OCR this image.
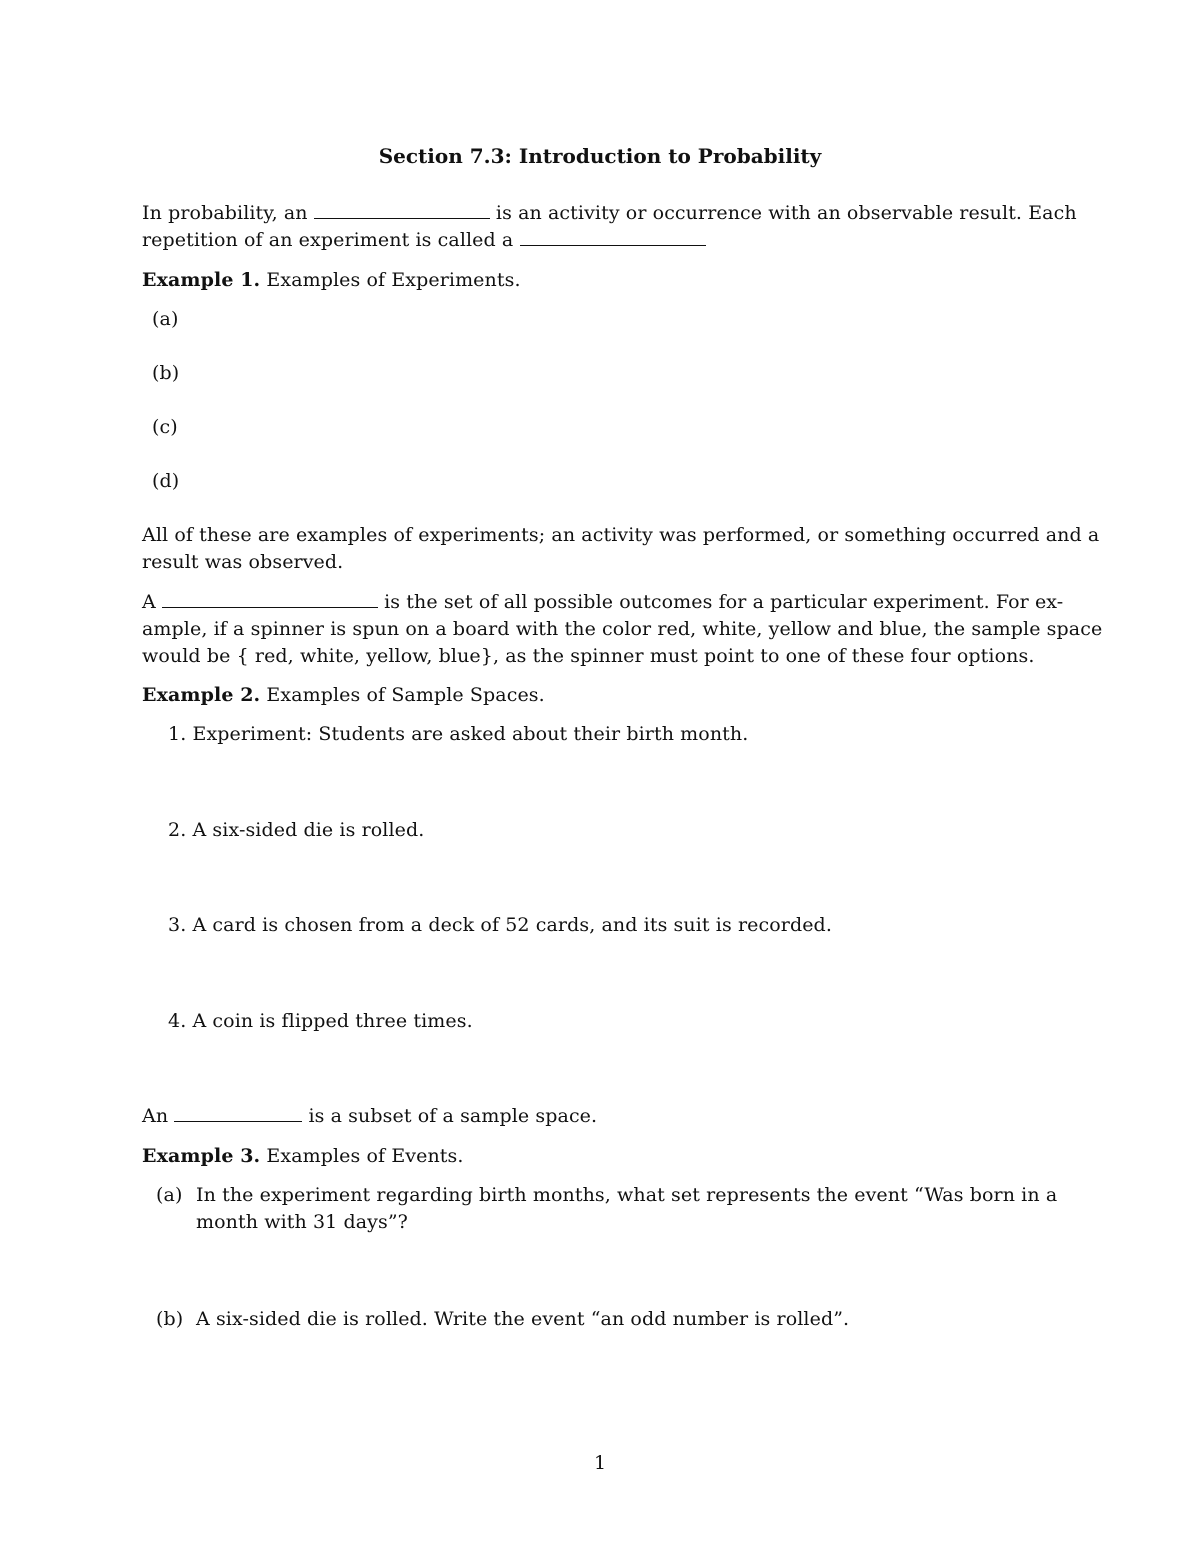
Section 7.3: Introduction to Probability
In probability, an	is an activity or occurrence with an observable result. Each
repetition of an experiment is called a
Example 1. Examples of Experiments.
(a)
(b)
(c)
(d)
All of these are examples of experiments; an activity was performed, or something occurred and a
result was observed.
A	is the set of all possible outcomes for a particular experiment. For ex-
ample, if a spinner is spun on a board with the color red, white, yellow and blue, the sample space
would be { red, white, yellow, blue}, as the spinner must point to one of these four options.
Example 2. Examples of Sample Spaces.
1. Experiment: Students are asked about their birth month.
2. A six-sided die is rolled.
3. A card is chosen from a deck of 52 cards, and its suit is recorded.
4. A coin is flipped three times.
An	is a subset of a sample space.
Example 3. Examples of Events.
(a) In the experiment regarding birth months, what set represents the event “Was born in a
month with 31 days”?
(b) A six-sided die is rolled. Write the event “an odd number is rolled”.
1
